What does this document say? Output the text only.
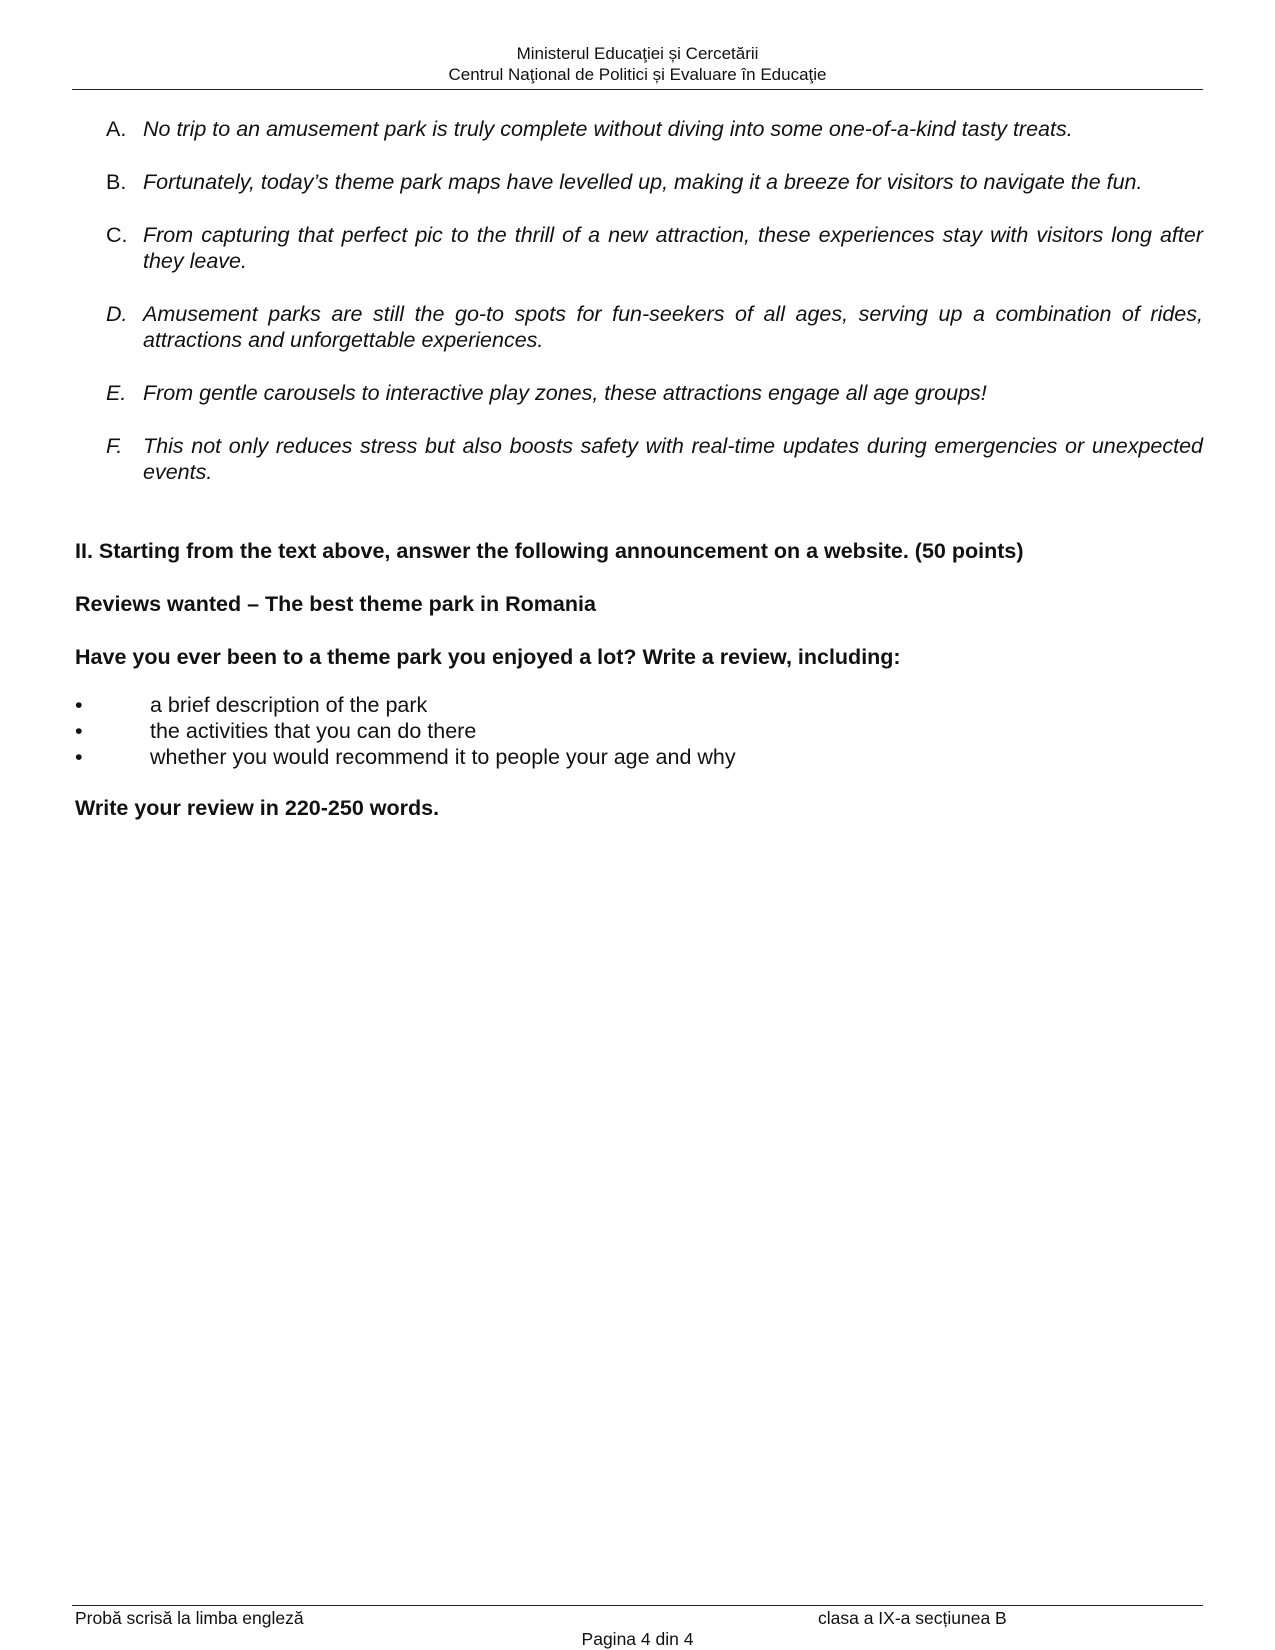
Ministerul Educaţiei și Cercetării
Centrul Naţional de Politici și Evaluare în Educaţie
A. No trip to an amusement park is truly complete without diving into some one-of-a-kind tasty treats.
B. Fortunately, today’s theme park maps have levelled up, making it a breeze for visitors to navigate the fun.
C. From capturing that perfect pic to the thrill of a new attraction, these experiences stay with visitors long after they leave.
D. Amusement parks are still the go-to spots for fun-seekers of all ages, serving up a combination of rides, attractions and unforgettable experiences.
E. From gentle carousels to interactive play zones, these attractions engage all age groups!
F. This not only reduces stress but also boosts safety with real-time updates during emergencies or unexpected events.
II. Starting from the text above, answer the following announcement on a website. (50 points)
Reviews wanted – The best theme park in Romania
Have you ever been to a theme park you enjoyed a lot? Write a review, including:
•	a brief description of the park
•	the activities that you can do there
•	whether you would recommend it to people your age and why
Write your review in 220-250 words.
Probă scrisă la limba engleză	clasa a IX-a secțiunea B
Pagina 4 din 4
